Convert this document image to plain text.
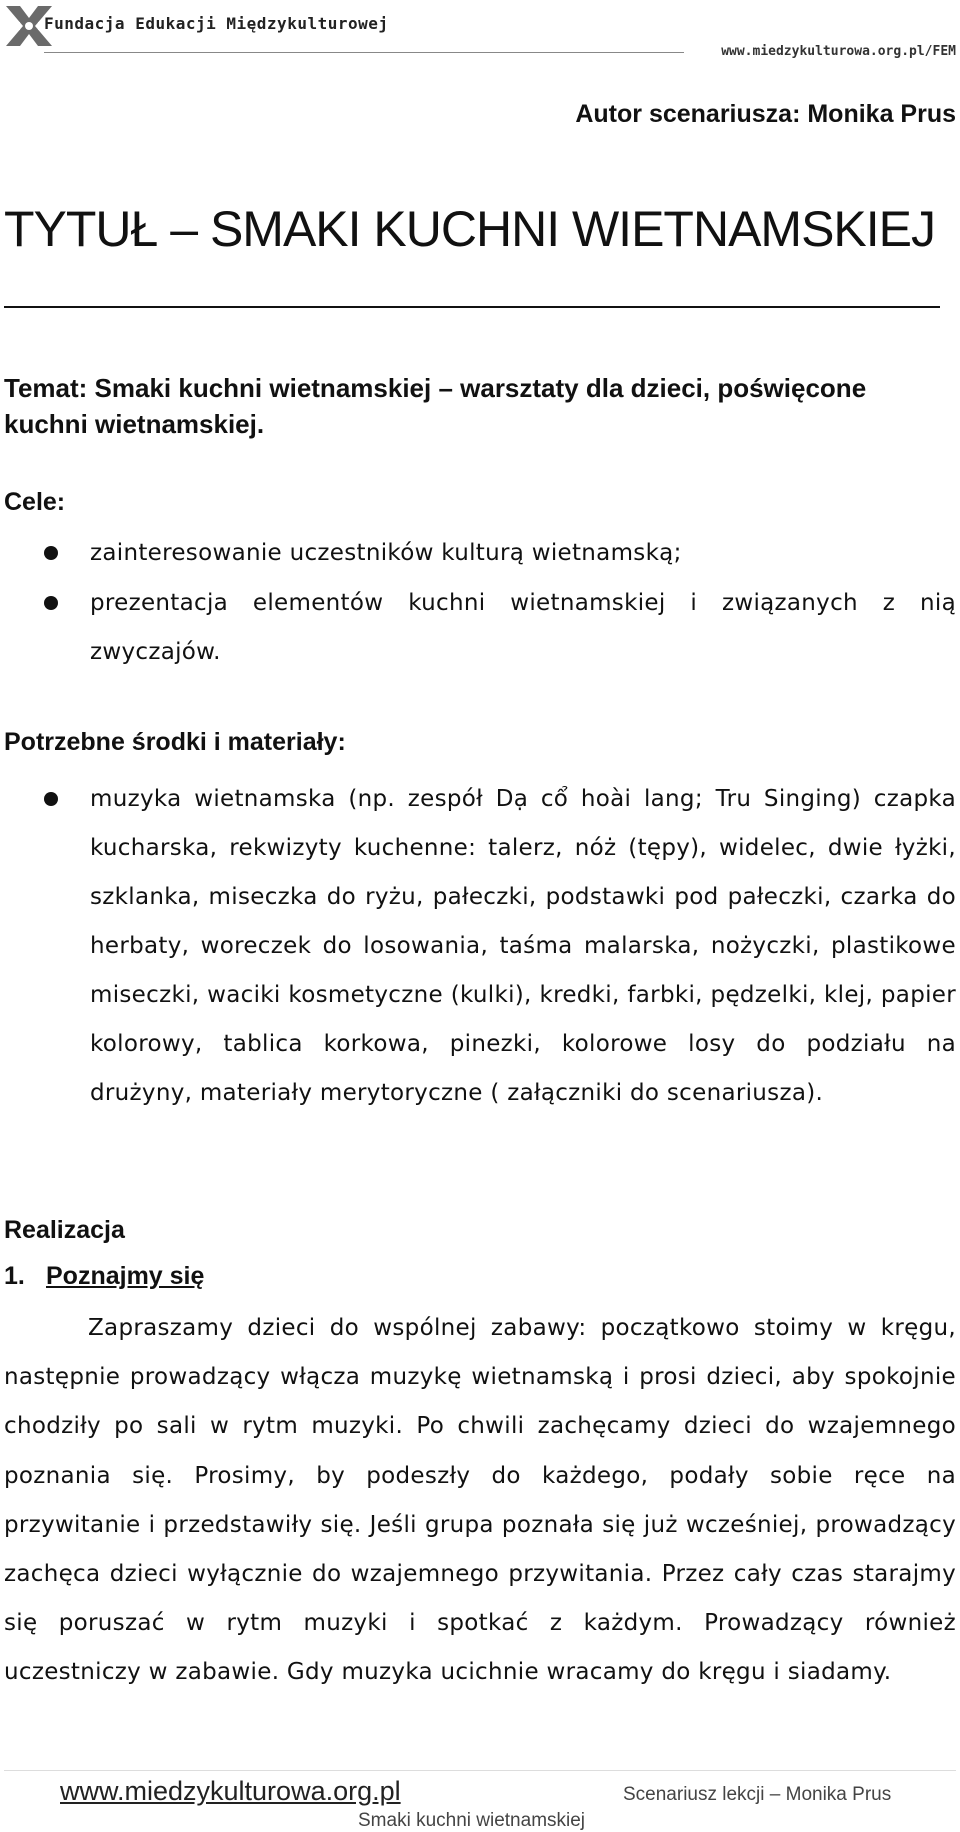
Fundacja Edukacji Międzykulturowej
www.miedzykulturowa.org.pl/FEM
Autor scenariusza: Monika Prus
TYTUŁ – SMAKI KUCHNI WIETNAMSKIEJ
Temat: Smaki kuchni wietnamskiej – warsztaty dla dzieci, poświęcone kuchni wietnamskiej.
Cele:
zainteresowanie uczestników kulturą wietnamską;
prezentacja elementów kuchni wietnamskiej i związanych z nią zwyczajów.
Potrzebne środki i materiały:
muzyka wietnamska (np. zespół Dạ cổ hoài lang; Tru Singing) czapka kucharska, rekwizyty kuchenne: talerz, nóż (tępy), widelec, dwie łyżki, szklanka, miseczka do ryżu, pałeczki, podstawki pod pałeczki, czarka do herbaty, woreczek do losowania, taśma malarska, nożyczki, plastikowe miseczki, waciki kosmetyczne (kulki), kredki, farbki, pędzelki, klej, papier kolorowy, tablica korkowa, pinezki, kolorowe losy do podziału na drużyny, materiały merytoryczne ( załączniki do scenariusza).
Realizacja
1. Poznajmy się
Zapraszamy dzieci do wspólnej zabawy: początkowo stoimy w kręgu, następnie prowadzący włącza muzykę wietnamską i prosi dzieci, aby spokojnie chodziły po sali w rytm muzyki. Po chwili zachęcamy dzieci do wzajemnego poznania się. Prosimy, by podeszły do każdego, podały sobie ręce na przywitanie i przedstawiły się. Jeśli grupa poznała się już wcześniej, prowadzący zachęca dzieci wyłącznie do wzajemnego przywitania. Przez cały czas starajmy się poruszać w rytm muzyki i spotkać z każdym. Prowadzący również uczestniczy w zabawie. Gdy muzyka ucichnie wracamy do kręgu i siadamy.
www.miedzykulturowa.org.pl	Scenariusz lekcji – Monika Prus
Smaki kuchni wietnamskiej
